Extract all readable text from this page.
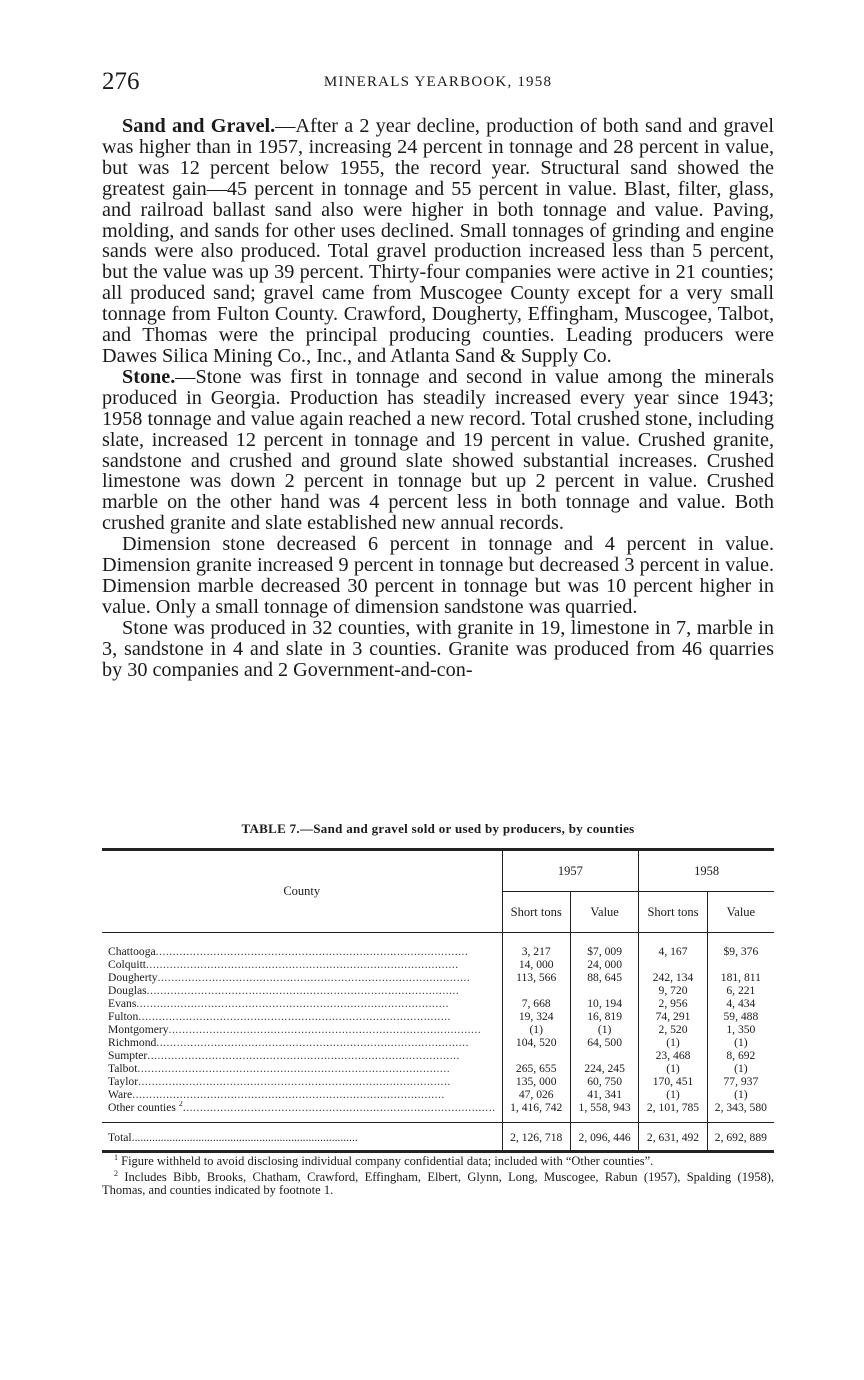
276	MINERALS YEARBOOK, 1958

Sand and Gravel.—After a 2 year decline, production of both sand and gravel was higher than in 1957, increasing 24 percent in tonnage and 28 percent in value, but was 12 percent below 1955, the record year. Structural sand showed the greatest gain—45 percent in tonnage and 55 percent in value. Blast, filter, glass, and railroad ballast sand also were higher in both tonnage and value. Paving, molding, and sands for other uses declined. Small tonnages of grinding and engine sands were also produced. Total gravel production increased less than 5 percent, but the value was up 39 percent. Thirty-four companies were active in 21 counties; all produced sand; gravel came from Muscogee County except for a very small tonnage from Fulton County. Crawford, Dougherty, Effingham, Muscogee, Talbot, and Thomas were the principal producing counties. Leading producers were Dawes Silica Mining Co., Inc., and Atlanta Sand & Supply Co.

Stone.—Stone was first in tonnage and second in value among the minerals produced in Georgia. Production has steadily increased every year since 1943; 1958 tonnage and value again reached a new record. Total crushed stone, including slate, increased 12 percent in tonnage and 19 percent in value. Crushed granite, sandstone and crushed and ground slate showed substantial increases. Crushed limestone was down 2 percent in tonnage but up 2 percent in value. Crushed marble on the other hand was 4 percent less in both tonnage and value. Both crushed granite and slate established new annual records.

Dimension stone decreased 6 percent in tonnage and 4 percent in value. Dimension granite increased 9 percent in tonnage but decreased 3 percent in value. Dimension marble decreased 30 percent in tonnage but was 10 percent higher in value. Only a small tonnage of dimension sandstone was quarried.

Stone was produced in 32 counties, with granite in 19, limestone in 7, marble in 3, sandstone in 4 and slate in 3 counties. Granite was produced from 46 quarries by 30 companies and 2 Government-and-con-

TABLE 7.—Sand and gravel sold or used by producers, by counties
County	1957		1958	
	Short tons	Value	Short tons	Value
Chattooga............................................................................................	3, 217	$7, 009	4, 167	$9, 376
Colquitt............................................................................................	14, 000	24, 000		
Dougherty............................................................................................	113, 566	88, 645	242, 134	181, 811
Douglas............................................................................................			9, 720	6, 221
Evans............................................................................................	7, 668	10, 194	2, 956	4, 434
Fulton............................................................................................	19, 324	16, 819	74, 291	59, 488
Montgomery............................................................................................	(1)	(1)	2, 520	1, 350
Richmond............................................................................................	104, 520	64, 500	(1)	(1)
Sumpter............................................................................................			23, 468	8, 692
Talbot............................................................................................	265, 655	224, 245	(1)	(1)
Taylor............................................................................................	135, 000	60, 750	170, 451	77, 937
Ware............................................................................................	47, 026	41, 341	(1)	(1)
Other counties $^2$............................................................................................	1, 416, 742	1, 558, 943	2, 101, 785	2, 343, 580
Total..............................................................................	2, 126, 718	2, 096, 446	2, 631, 492	2, 692, 889

$^1$ Figure withheld to avoid disclosing individual company confidential data; included with “Other counties”.

$^2$ Includes Bibb, Brooks, Chatham, Crawford, Effingham, Elbert, Glynn, Long, Muscogee, Rabun (1957), Spalding (1958), Thomas, and counties indicated by footnote 1.
